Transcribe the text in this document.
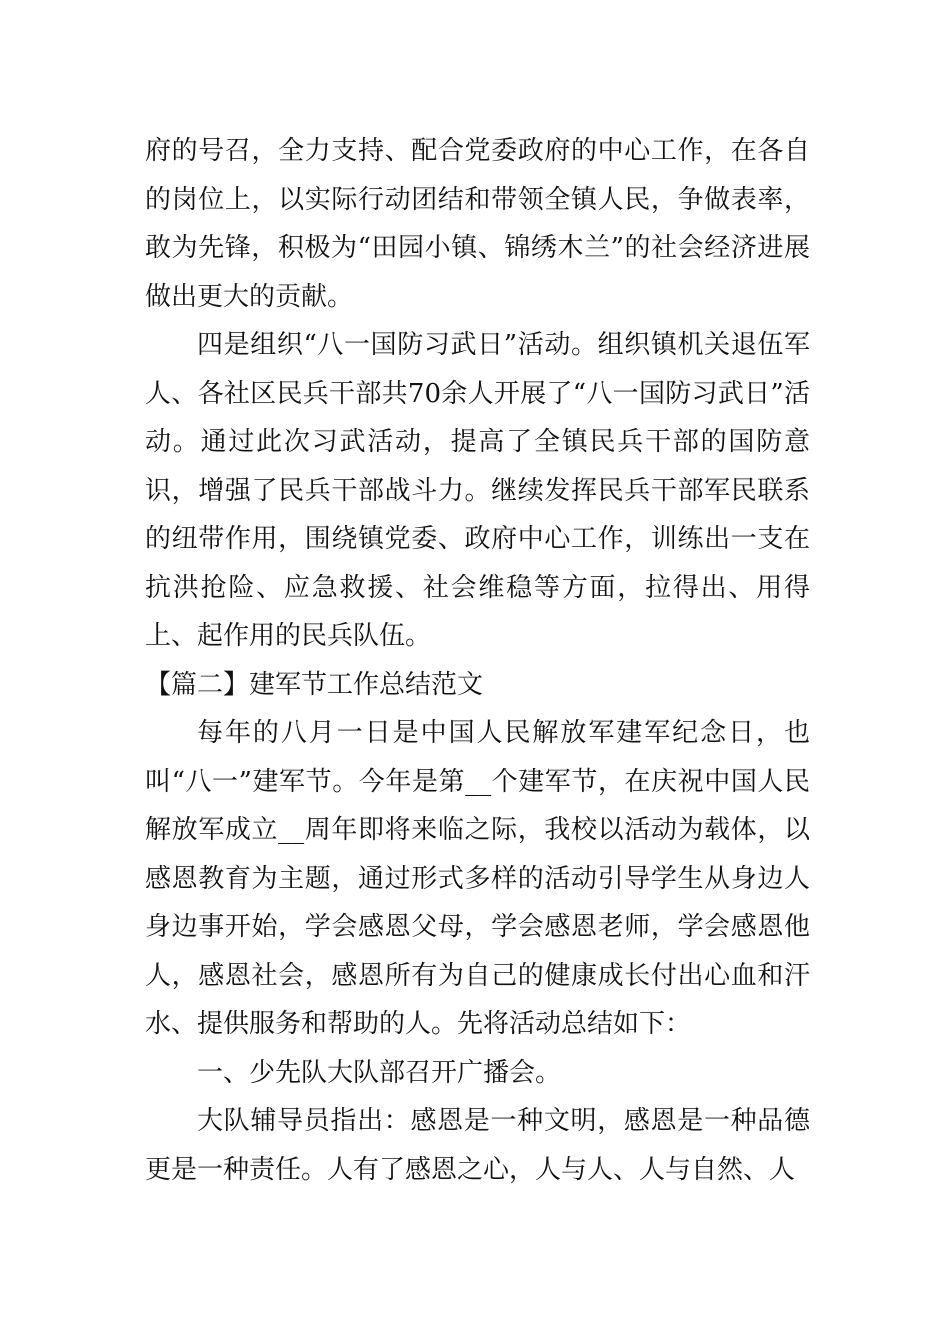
府的号召，全力支持、配合党委政府的中心工作，在各自的岗位上，以实际行动团结和带领全镇人民，争做表率，敢为先锋，积极为“田园小镇、锦绣木兰”的社会经济进展做出更大的贡献。

四是组织“八一国防习武日”活动。组织镇机关退伍军人、各社区民兵干部共70余人开展了“八一国防习武日”活动。通过此次习武活动，提高了全镇民兵干部的国防意识，增强了民兵干部战斗力。继续发挥民兵干部军民联系的纽带作用，围绕镇党委、政府中心工作，训练出一支在抗洪抢险、应急救援、社会维稳等方面，拉得出、用得上、起作用的民兵队伍。

【篇二】建军节工作总结范文

每年的八月一日是中国人民解放军建军纪念日，也叫“八一”建军节。今年是第__个建军节，在庆祝中国人民解放军成立__周年即将来临之际，我校以活动为载体，以感恩教育为主题，通过形式多样的活动引导学生从身边人身边事开始，学会感恩父母，学会感恩老师，学会感恩他人，感恩社会，感恩所有为自己的健康成长付出心血和汗水、提供服务和帮助的人。先将活动总结如下：

一、少先队大队部召开广播会。

大队辅导员指出：感恩是一种文明，感恩是一种品德更是一种责任。人有了感恩之心，人与人、人与自然、人
